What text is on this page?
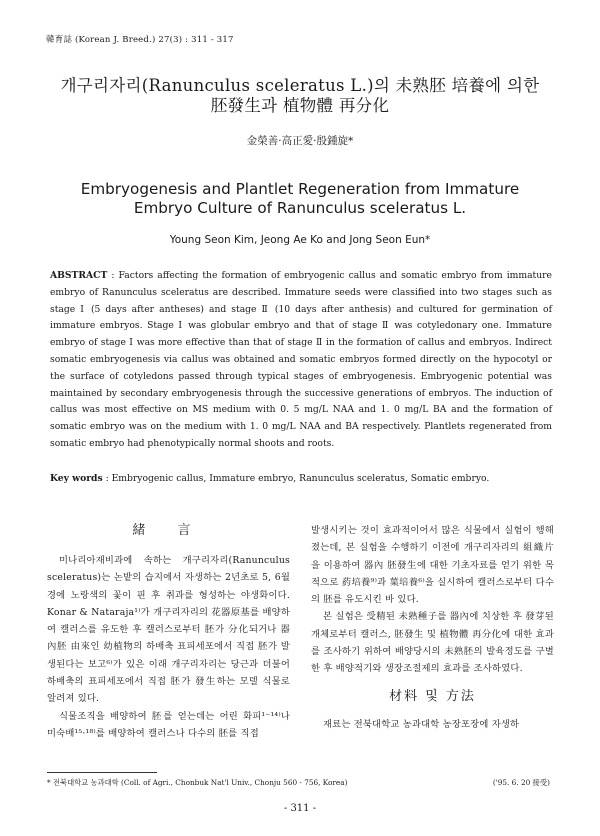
韓育誌 (Korean J. Breed.) 27(3) : 311 - 317
개구리자리(Ranunculus sceleratus L.)의 未熟胚 培養에 의한
胚發生과 植物體 再分化
金榮善·高正愛·殷鍾旋*
Embryogenesis and Plantlet Regeneration from Immature
Embryo Culture of Ranunculus sceleratus L.
Young Seon Kim, Jeong Ae Ko and Jong Seon Eun*
ABSTRACT : Factors affecting the formation of embryogenic callus and somatic embryo from immature embryo of Ranunculus sceleratus are described. Immature seeds were classified into two stages such as stage Ⅰ (5 days after antheses) and stage Ⅱ (10 days after anthesis) and cultured for germination of immature embryos. Stage Ⅰ was globular embryo and that of stage Ⅱ was cotyledonary one. Immature embryo of stage Ⅰ was more effective than that of stage Ⅱ in the formation of callus and embryos. Indirect somatic embryogenesis via callus was obtained and somatic embryos formed directly on the hypocotyl or the surface of cotyledons passed through typical stages of embryogenesis. Embryogenic potential was maintained by secondary embryogenesis through the successive generations of embryos. The induction of callus was most effective on MS medium with 0. 5 mg/L NAA and 1. 0 mg/L BA and the formation of somatic embryo was on the medium with 1. 0 mg/L NAA and BA respectively. Plantlets regenerated from somatic embryo had phenotypically normal shoots and roots.
Key words : Embryogenic callus, Immature embryo, Ranunculus sceleratus, Somatic embryo.
緒 言

미나리아재비과에 속하는 개구리자리(Ranunculus sceleratus)는 논밭의 습지에서 자생하는 2년초로 5, 6월경에 노랑색의 꽃이 핀 후 취과를 형성하는 야생화이다. Konar & Nataraja¹⁾가 개구리자리의 花器原基를 배양하여 캘러스를 유도한 후 캘러스로부터 胚가 分化되거나 器內胚 由來인 幼植物의 하배축 표피세포에서 직접 胚가 발생된다는 보고⁶⁾가 있은 이래 개구리자리는 당근과 더불어 하배축의 표피세포에서 직접 胚가 發生하는 모델 식물로 알려져 있다.

식물조직을 배양하여 胚를 얻는데는 어린 화피¹⁻¹⁴⁾나 미숙배¹⁵·¹⁸⁾를 배양하여 캘러스나 다수의 胚를 직접

발생시키는 것이 효과적이어서 많은 식물에서 실험이 행해졌는데, 본 실험을 수행하기 이전에 개구리자리의 組織片을 이용하여 器內 胚發生에 대한 기초자료를 얻기 위한 목적으로 葯培養⁹⁾과 葉培養⁶⁾을 실시하여 캘러스로부터 다수의 胚를 유도시킨 바 있다.

본 실험은 受精된 未熟種子를 器內에 치상한 후 發芽된 개체로부터 캘러스, 胚發生 및 植物體 再分化에 대한 효과를 조사하기 위하여 배양당시의 未熟胚의 발육정도를 구별한 후 배양적기와 생장조절제의 효과를 조사하였다.

材料 및 方法

재료는 전북대학교 농과대학 농장포장에 자생하

* 전북대학교 농과대학 (Coll. of Agri., Chonbuk Nat'l Univ., Chonju 560 - 756, Korea)	('95. 6. 20 接受)
- 311 -
